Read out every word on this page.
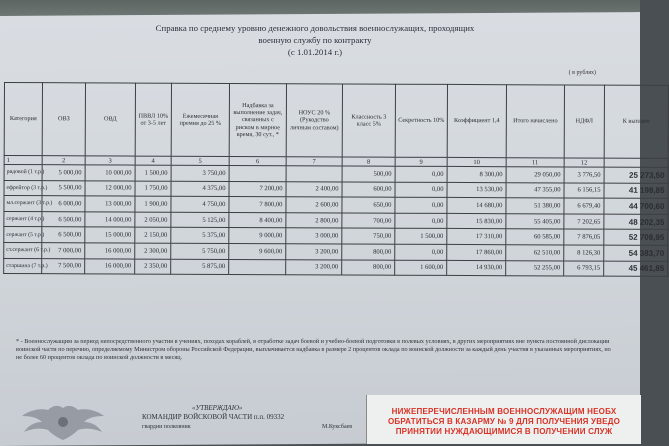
Справка по среднему уровню денежного довольствия военнослужащих, проходящих
военную службу по контракту
(с 1.01.2014 г.)
( в рублях)
Категория	ОВЗ	ОВД	ПВВЛ 10% от 3-5 лет	Ежемесячная премия до 25 %	Надбавка за выполнение задач, связанных с риском в мирное время, 30 сут., *	НОУС 20 % (Рукодство личным составом)	Классность 3 класс 5%	Секретность 10%	Коэффициент 1,4	Итого начислено	НДФЛ	К выплате
1	2	3	4	5	6	7	8	9	10	11	12	
рядовой (1 т.р.)	5 000,00	10 000,00	1 500,00	3 750,00			500,00	0,00	8 300,00	29 050,00	3 776,50	25 273,50
ефрейтор (3 т.р.)	5 500,00	12 000,00	1 750,00	4 375,00	7 200,00	2 400,00	600,00	0,00	13 530,00	47 355,00	6 156,15	41 198,85
мл.сержант (3 т.р.)	6 000,00	13 000,00	1 900,00	4 750,00	7 800,00	2 600,00	650,00	0,00	14 680,00	51 380,00	6 679,40	44 700,60
сержант (4 т.р.)	6 500,00	14 000,00	2 050,00	5 125,00	8 400,00	2 800,00	700,00	0,00	15 830,00	55 405,00	7 202,65	48 202,35
сержант (5 т.р.)	6 500,00	15 000,00	2 150,00	5 375,00	9 000,00	3 000,00	750,00	1 500,00	17 310,00	60 585,00	7 876,05	52 708,95
ст.сержант (6 т.р.)	7 000,00	16 000,00	2 300,00	5 750,00	9 600,00	3 200,00	800,00	0,00	17 860,00	62 510,00	8 126,30	54 383,70
старшина (7 т.р.)	7 500,00	16 000,00	2 350,00	5 875,00		3 200,00	800,00	1 600,00	14 930,00	52 255,00	6 793,15	45 461,85
* - Военнослужащим за период непосредственного участия в учениях, походах кораблей, в отработке задач боевой и учебно-боевой подготовки в полевых условиях, в других мероприятиях вне пункта постоянной дислокации воинской части по перечню, определяемому Министром обороны Российской Федерации, выплачивается надбавка в размере 2 процентов оклада по воинской должности за каждый день участия в указанных мероприятиях, но не более 60 процентов оклада по воинской должности в месяц.
«УТВЕРЖДАЮ»
КОМАНДИР ВОЙСКОВОЙ ЧАСТИ п.п. 09332
гвардии полковник	М.Куксбаев
НИЖЕПЕРЕЧИСЛЕННЫМ ВОЕННОСЛУЖАЩИМ НЕОБХ
ОБРАТИТЬСЯ В КАЗАРМУ № 9 ДЛЯ ПОЛУЧЕНИЯ УВЕДО
ПРИНЯТИИ НУЖДАЮЩИМИСЯ В ПОЛУЧЕНИИ СЛУЖ
